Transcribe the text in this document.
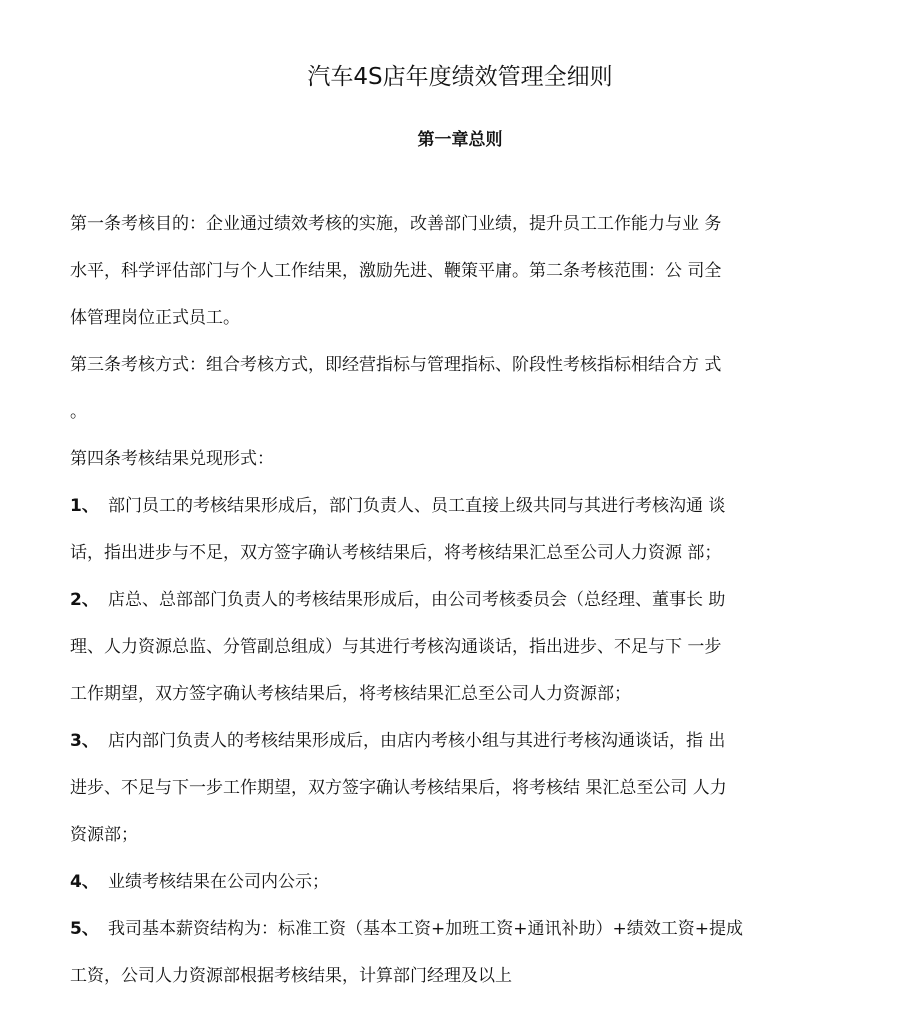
汽车4S店年度绩效管理全细则
第一章总则
第一条考核目的：企业通过绩效考核的实施，改善部门业绩，提升员工工作能力与业 务
水平，科学评估部门与个人工作结果，激励先进、鞭策平庸。第二条考核范围：公 司全
体管理岗位正式员工。
第三条考核方式：组合考核方式，即经营指标与管理指标、阶段性考核指标相结合方 式
。
第四条考核结果兑现形式：
1、 部门员工的考核结果形成后，部门负责人、员工直接上级共同与其进行考核沟通 谈
话，指出进步与不足，双方签字确认考核结果后，将考核结果汇总至公司人力资源 部；
2、 店总、总部部门负责人的考核结果形成后，由公司考核委员会（总经理、董事长 助
理、人力资源总监、分管副总组成）与其进行考核沟通谈话，指出进步、不足与下 一步
工作期望，双方签字确认考核结果后，将考核结果汇总至公司人力资源部；
3、 店内部门负责人的考核结果形成后，由店内考核小组与其进行考核沟通谈话，指 出
进步、不足与下一步工作期望，双方签字确认考核结果后，将考核结 果汇总至公司 人力
资源部；
4、 业绩考核结果在公司内公示；
5、 我司基本薪资结构为：标准工资（基本工资+加班工资+通讯补助）+绩效工资+提成
工资，公司人力资源部根据考核结果，计算部门经理及以上
